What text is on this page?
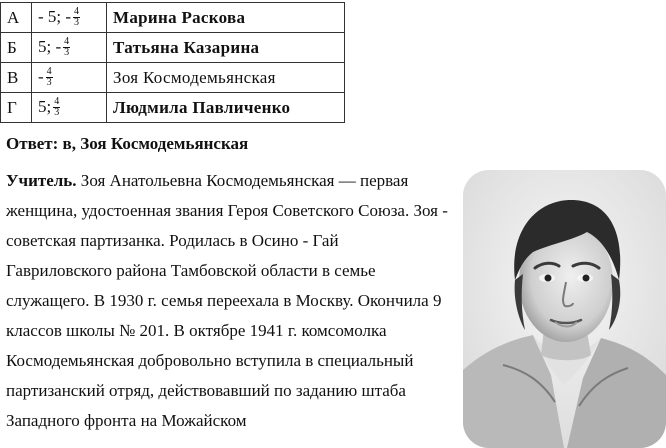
А	- 5; - $\frac{4}{3}$	Марина Раскова
Б	5; - $\frac{4}{3}$	Татьяна Казарина
В	- $\frac{4}{3}$	Зоя Космодемьянская
Г	5; $\frac{4}{3}$	Людмила Павличенко
Ответ: в, Зоя Космодемьянская

Учитель. Зоя Анатольевна Космодемьянская — первая женщина, удостоенная звания Героя Советского Союза. Зоя - советская партизанка. Родилась в Осино - Гай Гавриловского района Тамбовской области в семье служащего. В 1930 г. семья переехала в Москву. Окончила 9 классов школы № 201. В октябре 1941 г. комсомолка Космодемьянская добровольно вступила в специальный партизанский отряд, действовавший по заданию штаба Западного фронта на Можайском
